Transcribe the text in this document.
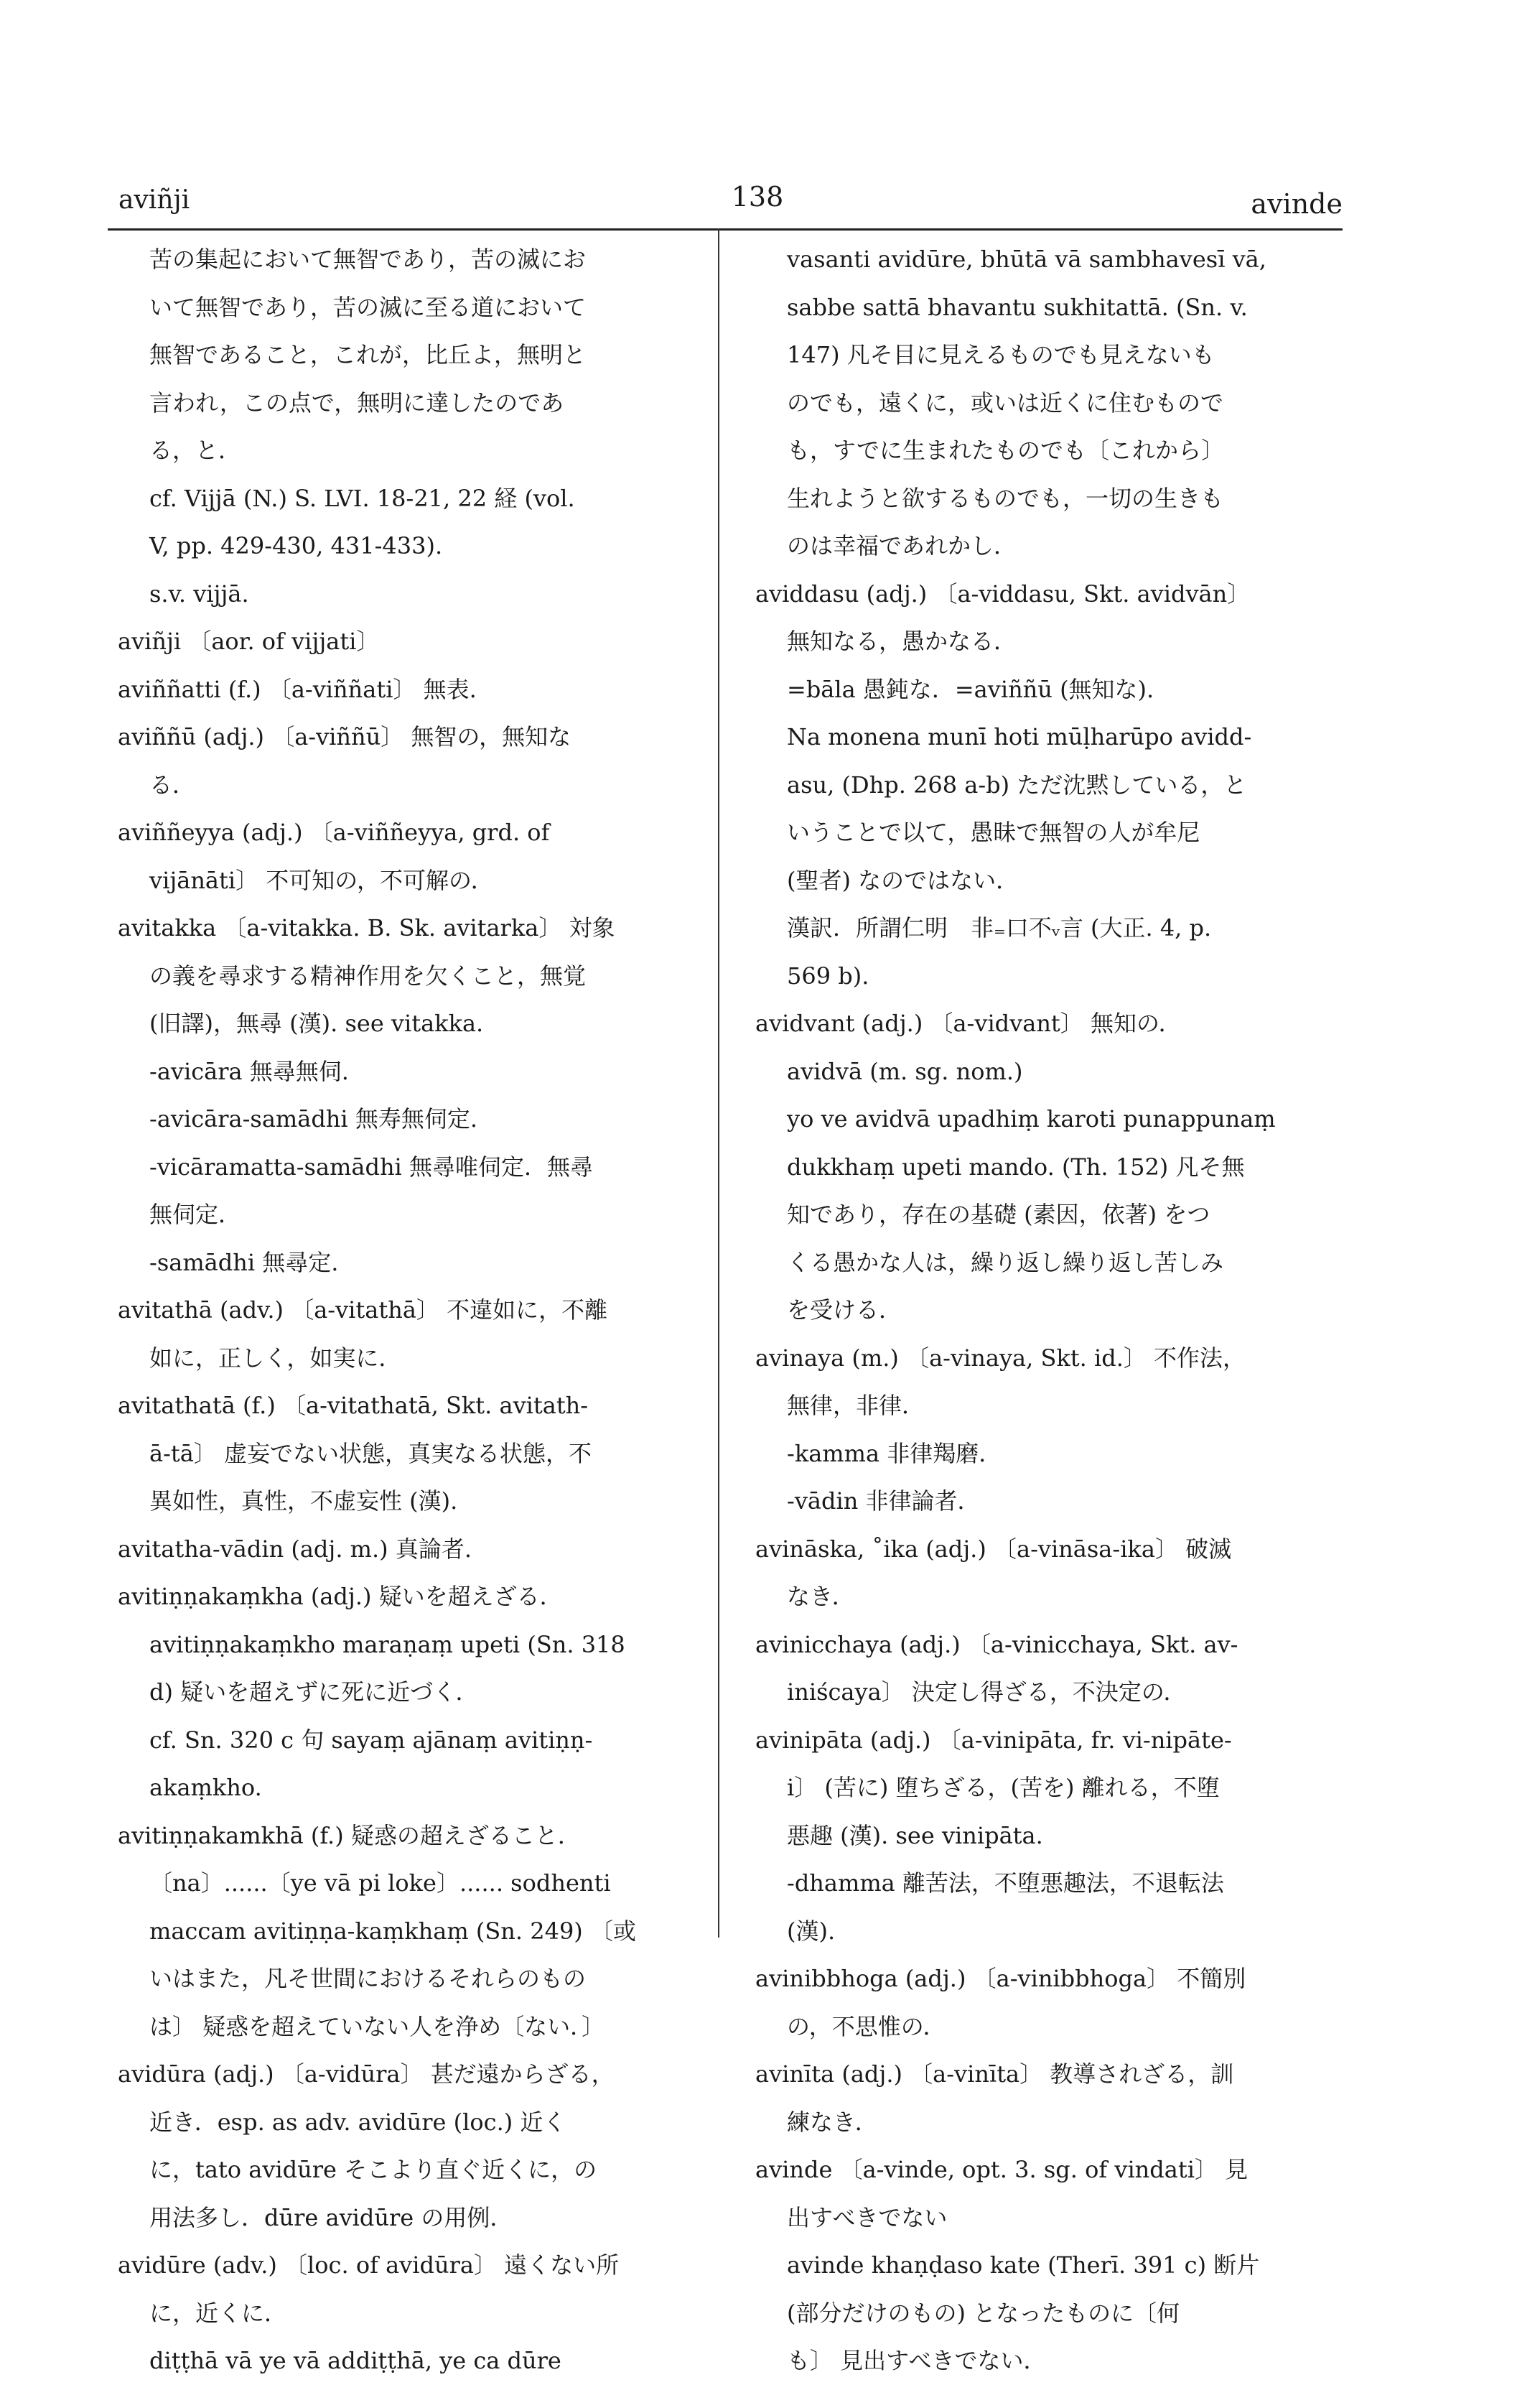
aviñji	138	avinde
苦の集起において無智であり，苦の滅にお
いて無智であり，苦の滅に至る道において
無智であること，これが，比丘よ，無明と
言われ，この点で，無明に達したのであ
る，と．
cf. Vijjā (N.) S. LVI. 18-21, 22 経 (vol.
V, pp. 429-430, 431-433).
s.v. vijjā.
aviñji 〔aor. of vijjati〕
aviññatti (f.) 〔a-viññati〕 無表.
aviññū (adj.) 〔a-viññū〕 無智の，無知な
る．
aviññeyya (adj.) 〔a-viññeyya, grd. of
vijānāti〕 不可知の，不可解の．
avitakka 〔a-vitakka. B. Sk. avitarka〕 対象
の義を尋求する精神作用を欠くこと，無覚
(旧譯)，無尋 (漢). see vitakka.
-avicāra 無尋無伺.
-avicāra-samādhi 無寿無伺定.
-vicāramatta-samādhi 無尋唯伺定．無尋
無伺定．
-samādhi 無尋定.
avitathā (adv.) 〔a-vitathā〕 不違如に，不離
如に，正しく，如実に．
avitathatā (f.) 〔a-vitathatā, Skt. avitath-
ā-tā〕 虚妄でない状態，真実なる状態，不
異如性，真性，不虚妄性 (漢).
avitatha-vādin (adj. m.) 真論者.
avitiṇṇakaṃkha (adj.) 疑いを超えざる．
avitiṇṇakaṃkho maraṇaṃ upeti (Sn. 318
d) 疑いを超えずに死に近づく．
cf. Sn. 320 c 句 sayaṃ ajānaṃ avitiṇṇ-
akaṃkho.
avitiṇṇakamkhā (f.) 疑惑の超えざること．
〔na〕......〔ye vā pi loke〕...... sodhenti
maccam avitiṇṇa-kaṃkhaṃ (Sn. 249) 〔或
いはまた，凡そ世間におけるそれらのもの
は〕 疑惑を超えていない人を浄め〔ない．〕
avidūra (adj.) 〔a-vidūra〕 甚だ遠からざる，
近き．esp. as adv. avidūre (loc.) 近く
に，tato avidūre そこより直ぐ近くに，の
用法多し．dūre avidūre の用例．
avidūre (adv.) 〔loc. of avidūra〕 遠くない所
に，近くに．
diṭṭhā vā ye vā addiṭṭhā, ye ca dūre
vasanti avidūre, bhūtā vā sambhavesī vā,
sabbe sattā bhavantu sukhitattā. (Sn. v.
147) 凡そ目に見えるものでも見えないも
のでも，遠くに，或いは近くに住むもので
も，すでに生まれたものでも〔これから〕
生れようと欲するものでも，一切の生きも
のは幸福であれかし．
aviddasu (adj.) 〔a-viddasu, Skt. avidvān〕
無知なる，愚かなる．
=bāla 愚鈍な．=aviññū (無知な).
Na monena munī hoti mūḷharūpo avidd-
asu, (Dhp. 268 a-b) ただ沈黙している，と
いうことで以て，愚昧で無智の人が牟尼
(聖者) なのではない．
漢訳．所謂仁明　非₌口不ᵥ言 (大正. 4, p.
569 b).
avidvant (adj.) 〔a-vidvant〕 無知の．
avidvā (m. sg. nom.)
yo ve avidvā upadhiṃ karoti punappunaṃ
dukkhaṃ upeti mando. (Th. 152) 凡そ無
知であり，存在の基礎 (素因，依著) をつ
くる愚かな人は，繰り返し繰り返し苦しみ
を受ける．
avinaya (m.) 〔a-vinaya, Skt. id.〕 不作法，
無律，非律．
-kamma 非律羯磨．
-vādin 非律論者．
avināska, ˚ika (adj.) 〔a-vināsa-ika〕 破滅
なき．
avinicchaya (adj.) 〔a-vinicchaya, Skt. av-
iniścaya〕 決定し得ざる，不決定の．
avinipāta (adj.) 〔a-vinipāta, fr. vi-nipāte-
i〕 (苦に) 堕ちざる，(苦を) 離れる，不堕
悪趣 (漢). see vinipāta.
-dhamma 離苦法，不堕悪趣法，不退転法
(漢).
avinibbhoga (adj.) 〔a-vinibbhoga〕 不簡別
の，不思惟の．
avinīta (adj.) 〔a-vinīta〕 教導されざる，訓
練なき．
avinde 〔a-vinde, opt. 3. sg. of vindati〕 見
出すべきでない
avinde khaṇḍaso kate (Therī. 391 c) 断片
(部分だけのもの) となったものに〔何
も〕 見出すべきでない．
